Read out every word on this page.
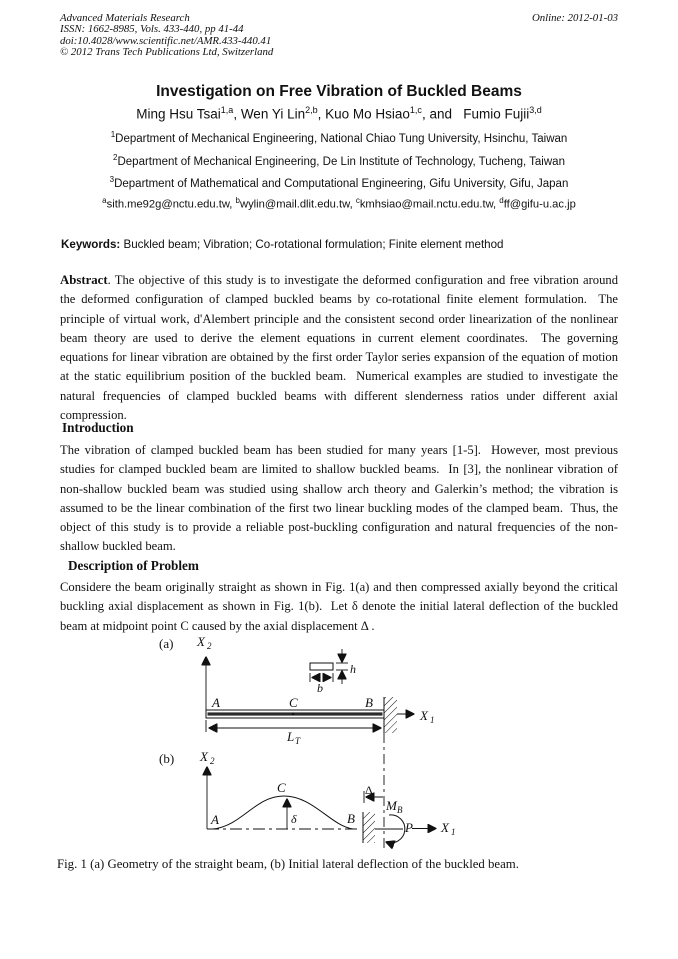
Advanced Materials Research	Online: 2012-01-03
ISSN: 1662-8985, Vols. 433-440, pp 41-44
doi:10.4028/www.scientific.net/AMR.433-440.41
© 2012 Trans Tech Publications Ltd, Switzerland
Investigation on Free Vibration of Buckled Beams
Ming Hsu Tsai$^{1,a}$, Wen Yi Lin$^{2,b}$, Kuo Mo Hsiao$^{1,c}$, and   Fumio Fujii$^{3,d}$
$^1$Department of Mechanical Engineering, National Chiao Tung University, Hsinchu, Taiwan
$^2$Department of Mechanical Engineering, De Lin Institute of Technology, Tucheng, Taiwan
$^3$Department of Mathematical and Computational Engineering, Gifu University, Gifu, Japan
$^a$sith.me92g@nctu.edu.tw, $^b$wylin@mail.dlit.edu.tw, $^c$kmhsiao@mail.nctu.edu.tw, $^d$ff@gifu-u.ac.jp
Keywords: Buckled beam; Vibration; Co-rotational formulation; Finite element method
Abstract. The objective of this study is to investigate the deformed configuration and free vibration around the deformed configuration of clamped buckled beams by co-rotational finite element formulation.  The principle of virtual work, d'Alembert principle and the consistent second order linearization of the nonlinear beam theory are used to derive the element equations in current element coordinates.  The governing equations for linear vibration are obtained by the first order Taylor series expansion of the equation of motion at the static equilibrium position of the buckled beam.  Numerical examples are studied to investigate the natural frequencies of clamped buckled beams with different slenderness ratios under different axial compression.
Introduction
The vibration of clamped buckled beam has been studied for many years [1-5].  However, most previous studies for clamped buckled beam are limited to shallow buckled beams.  In [3], the nonlinear vibration of non-shallow buckled beam was studied using shallow arch theory and Galerkin’s method; the vibration is assumed to be the linear combination of the first two linear buckling modes of the clamped beam.  Thus, the object of this study is to provide a reliable post-buckling configuration and natural frequencies of the non-shallow buckled beam.
Description of Problem
Considere the beam originally straight as shown in Fig. 1(a) and then compressed axially beyond the critical buckling axial displacement as shown in Fig. 1(b).  Let δ denote the initial lateral deflection of the buckled beam at midpoint point C caused by the axial displacement Δ .
(a) X 2
h
b
A	C	B
X 1
L T
(b) X 2
A
C
B
δ
Δ
M B
P X 1
Fig. 1 (a) Geometry of the straight beam, (b) Initial lateral deflection of the buckled beam.
